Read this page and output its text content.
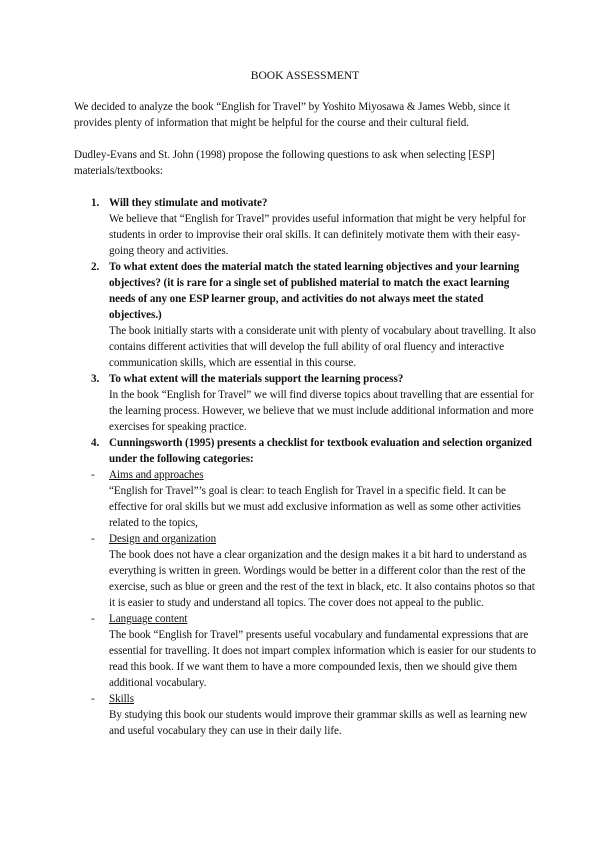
BOOK ASSESSMENT

We decided to analyze the book “English for Travel” by Yoshito Miyosawa & James Webb, since it provides plenty of information that might be helpful for the course and their cultural field.

Dudley-Evans and St. John (1998) propose the following questions to ask when selecting [ESP] materials/textbooks:

1. Will they stimulate and motivate?

We believe that “English for Travel” provides useful information that might be very helpful for students in order to improvise their oral skills. It can definitely motivate them with their easy-going theory and activities.

2. To what extent does the material match the stated learning objectives and your learning objectives? (it is rare for a single set of published material to match the exact learning needs of any one ESP learner group, and activities do not always meet the stated objectives.)

The book initially starts with a considerate unit with plenty of vocabulary about travelling. It also contains different activities that will develop the full ability of oral fluency and interactive communication skills, which are essential in this course.

3. To what extent will the materials support the learning process?

In the book “English for Travel” we will find diverse topics about travelling that are essential for the learning process. However, we believe that we must include additional information and more exercises for speaking practice.

4. Cunningsworth (1995) presents a checklist for textbook evaluation and selection organized under the following categories:
-	Aims and approaches

“English for Travel”’s goal is clear: to teach English for Travel in a specific field. It can be effective for oral skills but we must add exclusive information as well as some other activities related to the topics,

-	Design and organization

The book does not have a clear organization and the design makes it a bit hard to understand as everything is written in green. Wordings would be better in a different color than the rest of the exercise, such as blue or green and the rest of the text in black, etc. It also contains photos so that it is easier to study and understand all topics. The cover does not appeal to the public.

-	Language content

The book “English for Travel” presents useful vocabulary and fundamental expressions that are essential for travelling. It does not impart complex information which is easier for our students to read this book. If we want them to have a more compounded lexis, then we should give them additional vocabulary.

-	Skills

By studying this book our students would improve their grammar skills as well as learning new and useful vocabulary they can use in their daily life.
